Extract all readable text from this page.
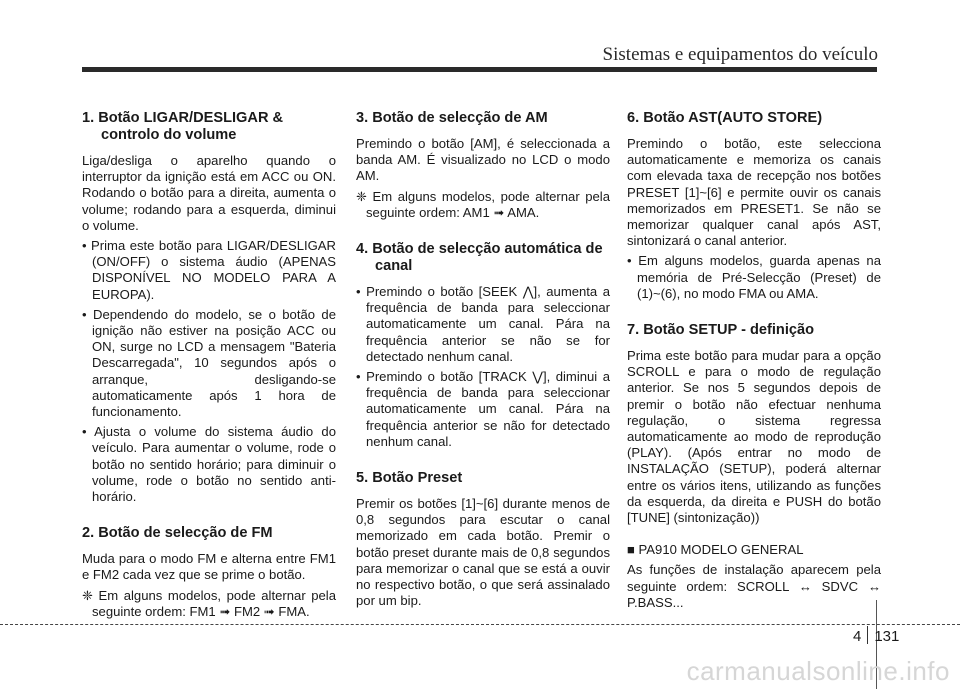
Sistemas e equipamentos do veículo
1. Botão LIGAR/DESLIGAR & controlo do volume
Liga/desliga o aparelho quando o interruptor da ignição está em ACC ou ON. Rodando o botão para a direita, aumenta o volume; rodando para a esquerda, diminui o volume.
• Prima este botão para LIGAR/DESLIGAR (ON/OFF) o sistema áudio (APENAS DISPONÍVEL NO MODELO PARA A EUROPA).
• Dependendo do modelo, se o botão de ignição não estiver na posição ACC ou ON, surge no LCD a mensagem "Bateria Descarregada", 10 segundos após o arranque, desligando-se automaticamente após 1 hora de funcionamento.
• Ajusta o volume do sistema áudio do veículo. Para aumentar o volume, rode o botão no sentido horário; para diminuir o volume, rode o botão no sentido anti-horário.
2. Botão de selecção de FM
Muda para o modo FM e alterna entre FM1 e FM2 cada vez que se prime o botão.
❈ Em alguns modelos, pode alternar pela seguinte ordem: FM1 ➟ FM2 ➟ FMA.
3. Botão de selecção de AM
Premindo o botão [AM], é seleccionada a banda AM. É visualizado no LCD o modo AM.
❈ Em alguns modelos, pode alternar pela seguinte ordem: AM1 ➟ AMA.
4. Botão de selecção automática de canal
• Premindo o botão [SEEK ⋀], aumenta a frequência de banda para seleccionar automaticamente um canal. Pára na frequência anterior se não se for detectado nenhum canal.
• Premindo o botão [TRACK ⋁], diminui a frequência de banda para seleccionar automaticamente um canal. Pára na frequência anterior se não for detectado nenhum canal.
5. Botão Preset
Premir os botões [1]~[6] durante menos de 0,8 segundos para escutar o canal memorizado em cada botão. Premir o botão preset durante mais de 0,8 segundos para memorizar o canal que se está a ouvir no respectivo botão, o que será assinalado por um bip.
6. Botão AST(AUTO STORE)
Premindo o botão, este selecciona automaticamente e memoriza os canais com elevada taxa de recepção nos botões PRESET [1]~[6] e permite ouvir os canais memorizados em PRESET1. Se não se memorizar qualquer canal após AST, sintonizará o canal anterior.
• Em alguns modelos, guarda apenas na memória de Pré-Selecção (Preset) de (1)~(6), no modo FMA ou AMA.
7. Botão SETUP - definição
Prima este botão para mudar para a opção SCROLL e para o modo de regulação anterior. Se nos 5 segundos depois de premir o botão não efectuar nenhuma regulação, o sistema regressa automaticamente ao modo de reprodução (PLAY). (Após entrar no modo de INSTALAÇÃO (SETUP), poderá alternar entre os vários itens, utilizando as funções da esquerda, da direita e PUSH do botão [TUNE] (sintonização))
■ PA910 MODELO GENERAL
As funções de instalação aparecem pela seguinte ordem: SCROLL ↔ SDVC ↔ P.BASS...
4 131
carmanualsonline.info
